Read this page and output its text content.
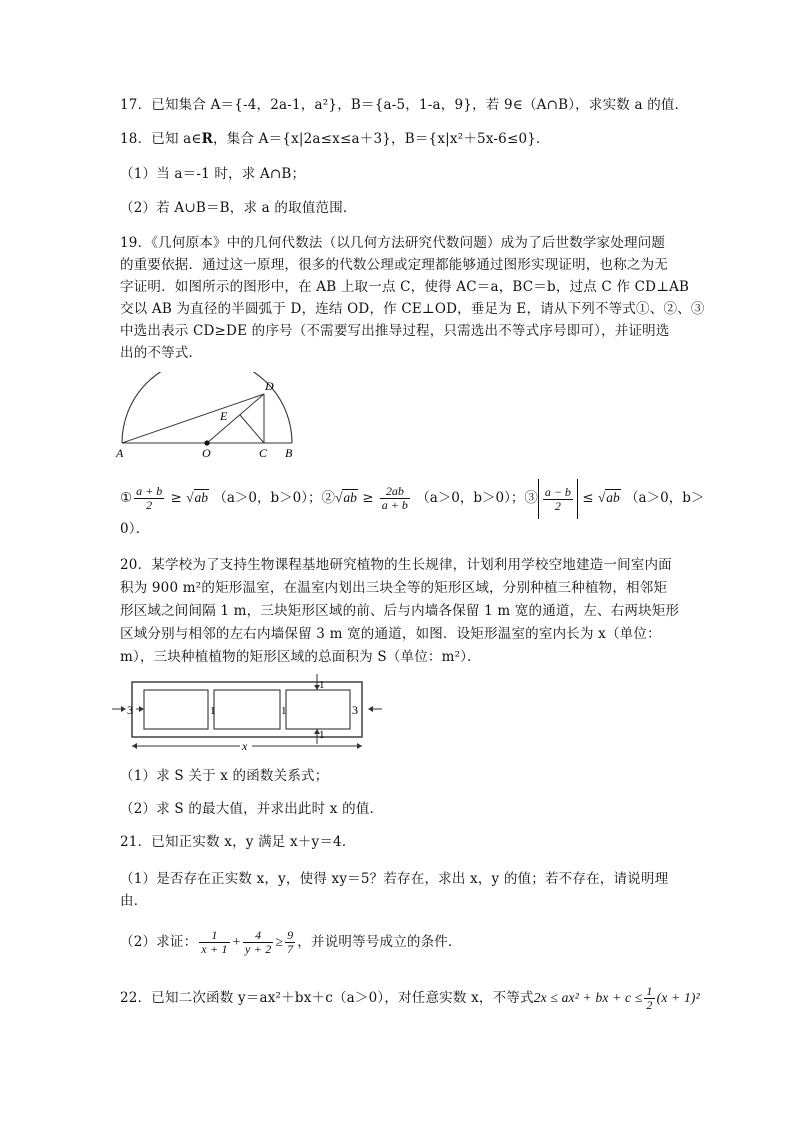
17．已知集合 A＝{-4，2a-1，a²}，B＝{a-5，1-a，9}，若 9∈（A∩B），求实数 a 的值．
18．已知 a∈R，集合 A＝{x|2a≤x≤a＋3}，B＝{x|x²＋5x-6≤0}．
（1）当 a＝-1 时，求 A∩B；
（2）若 A∪B＝B，求 a 的取值范围．
19．《几何原本》中的几何代数法（以几何方法研究代数问题）成为了后世数学家处理问题
的重要依据．通过这一原理，很多的代数公理或定理都能够通过图形实现证明，也称之为无
字证明．如图所示的图形中，在 AB 上取一点 C，使得 AC＝a，BC＝b，过点 C 作 CD⊥AB
交以 AB 为直径的半圆弧于 D，连结 OD，作 CE⊥OD，垂足为 E，请从下列不等式①、②、③
中选出表示 CD≥DE 的序号（不需要写出推导过程，只需选出不等式序号即可），并证明选
出的不等式．
A	O	C B
D
E
① $\frac{a + b}{2} \ge √ab$ （a＞0，b＞0）；②√ab ≥ $\frac{2ab}{a + b} (a>0$，b＞0）；③ $\frac{a - b}{2} \le √ab$ （a＞0，b＞
0）．
20．某学校为了支持生物课程基地研究植物的生长规律，计划利用学校空地建造一间室内面
积为 900 m²的矩形温室，在温室内划出三块全等的矩形区域，分别种植三种植物，相邻矩
形区域之间间隔 1 m，三块矩形区域的前、后与内墙各保留 1 m 宽的通道，左、右两块矩形
区域分别与相邻的左右内墙保留 3 m 宽的通道，如图．设矩形温室的室内长为 x（单位：
m），三块种植植物的矩形区域的总面积为 S（单位：m²）．
3	1	1
1
1
3
x
（1）求 S 关于 x 的函数关系式；
（2）求 S 的最大值，并求出此时 x 的值．
21．已知正实数 x，y 满足 x＋y＝4．
（1）是否存在正实数 x，y，使得 xy＝5？若存在，求出 x，y 的值；若不存在，请说明理
由．
（2）求证： $\frac{1}{x + 1} + \frac{4}{y + 2} \ge \frac{9}{7}$ ，并说明等号成立的条件．
22．已知二次函数 y＝ax²＋bx＋c（a＞0），对任意实数 x，不等式2x ≤ ax² + bx + $c \le \frac{1}{2} (x + 1)^2$
